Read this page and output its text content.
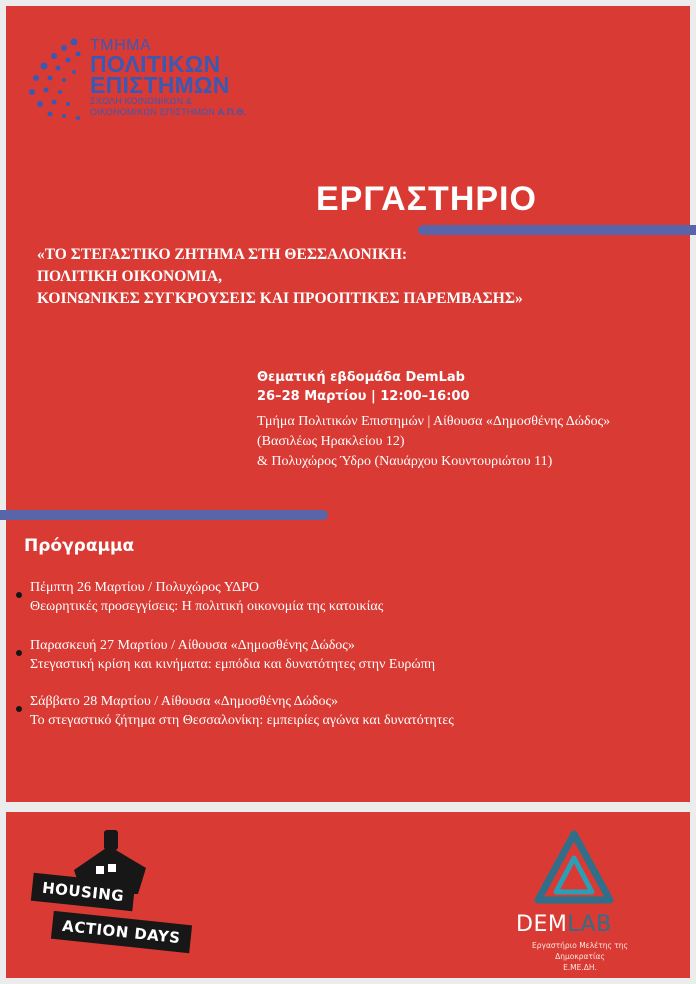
ΤΜΗΜΑ
ΠΟΛΙΤΙΚΩΝ
ΕΠΙΣΤΗΜΩΝ
ΣΧΟΛΗ ΚΟΙΝΩΝΙΚΩΝ &
ΟΙΚΟΝΟΜΙΚΩΝ ΕΠΙΣΤΗΜΩΝ Α.Π.Θ.
ΕΡΓΑΣΤΗΡΙΟ
«ΤΟ ΣΤΕΓΑΣΤΙΚΟ ΖΗΤΗΜΑ ΣΤΗ ΘΕΣΣΑΛΟΝΙΚΗ:
ΠΟΛΙΤΙΚΗ ΟΙΚΟΝΟΜΙΑ,
ΚΟΙΝΩΝΙΚΕΣ ΣΥΓΚΡΟΥΣΕΙΣ ΚΑΙ ΠΡΟΟΠΤΙΚΕΣ ΠΑΡΕΜΒΑΣΗΣ»
Θεματική εβδομάδα DemLab
26–28 Μαρτίου | 12:00–16:00
Τμήμα Πολιτικών Επιστημών | Αίθουσα «Δημοσθένης Δώδος»
(Βασιλέως Ηρακλείου 12)
& Πολυχώρος Ύδρο (Ναυάρχου Κουντουριώτου 11)
Πρόγραμμα
Πέμπτη 26 Μαρτίου / Πολυχώρος ΥΔΡΟ
Θεωρητικές προσεγγίσεις: Η πολιτική οικονομία της κατοικίας
Παρασκευή 27 Μαρτίου / Αίθουσα «Δημοσθένης Δώδος»
Στεγαστική κρίση και κινήματα: εμπόδια και δυνατότητες στην Ευρώπη
Σάββατο 28 Μαρτίου / Αίθουσα «Δημοσθένης Δώδος»
Το στεγαστικό ζήτημα στη Θεσσαλονίκη: εμπειρίες αγώνα και δυνατότητες
HOUSING
ACTION DAYS	DEMLAB
Εργαστήριο Μελέτης της Δημοκρατίας
Ε.ΜΕ.ΔΗ.
